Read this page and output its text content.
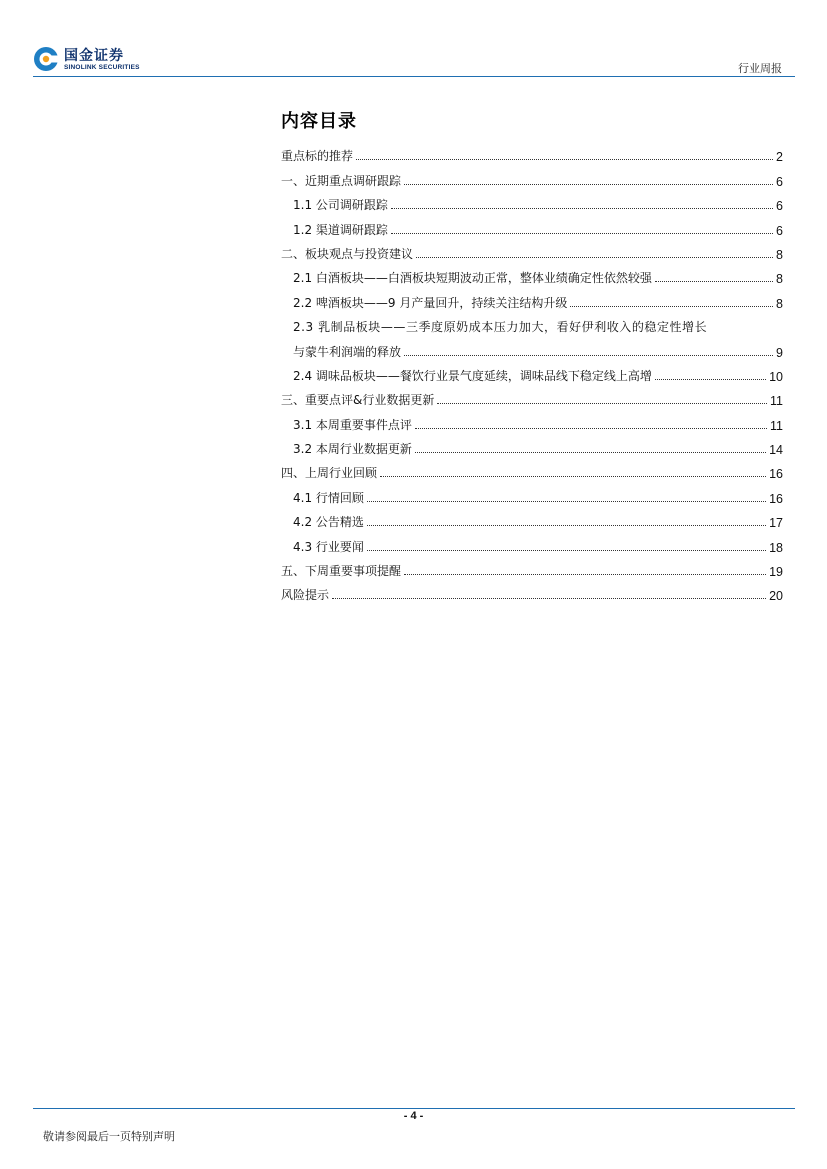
国金证券
SINOLINK SECURITIES	行业周报
内容目录
重点标的推荐	2
一、近期重点调研跟踪	6
1.1 公司调研跟踪	6
1.2 渠道调研跟踪	6
二、板块观点与投资建议	8
2.1 白酒板块——白酒板块短期波动正常，整体业绩确定性依然较强	8
2.2 啤酒板块——9 月产量回升，持续关注结构升级	8
2.3 乳制品板块——三季度原奶成本压力加大，看好伊利收入的稳定性增长
与蒙牛利润端的释放	9
2.4 调味品板块——餐饮行业景气度延续，调味品线下稳定线上高增	10
三、重要点评&行业数据更新	11
3.1 本周重要事件点评	11
3.2 本周行业数据更新	14
四、上周行业回顾	16
4.1 行情回顾	16
4.2 公告精选	17
4.3 行业要闻	18
五、下周重要事项提醒	19
风险提示	20
- 4 -
敬请参阅最后一页特别声明
